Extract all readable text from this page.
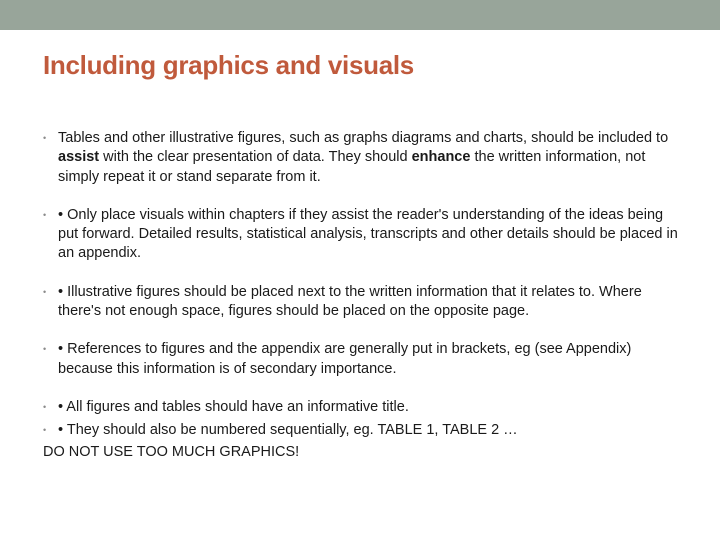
Including graphics and visuals
• Tables and other illustrative figures, such as graphs diagrams and charts, should be included to assist with the clear presentation of data. They should enhance the written information, not simply repeat it or stand separate from it.
• • Only place visuals within chapters if they assist the reader's understanding of the ideas being put forward. Detailed results, statistical analysis, transcripts and other details should be placed in an appendix.
• • Illustrative figures should be placed next to the written information that it relates to. Where there's not enough space, figures should be placed on the opposite page.
• • References to figures and the appendix are generally put in brackets, eg (see Appendix) because this information is of secondary importance.
• • All figures and tables should have an informative title.
• • They should also be numbered sequentially, eg. TABLE 1, TABLE 2 …
DO NOT USE TOO MUCH GRAPHICS!
